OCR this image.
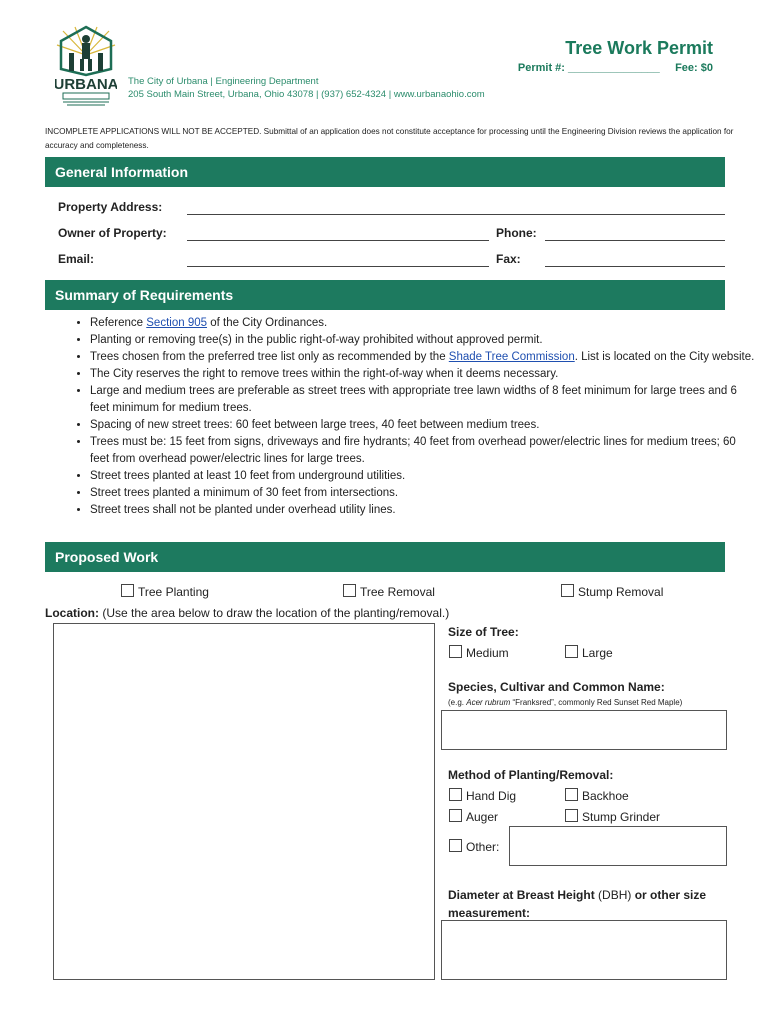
URBANA
Tree Work Permit
Permit #: _______________ Fee: $0
The City of Urbana | Engineering Department
205 South Main Street, Urbana, Ohio 43078 | (937) 652-4324 | www.urbanaohio.com
INCOMPLETE APPLICATIONS WILL NOT BE ACCEPTED. Submittal of an application does not constitute acceptance for processing until the Engineering Division reviews the application for accuracy and completeness.
General Information
Property Address:
Owner of Property:	Phone:
Email:	Fax:
Summary of Requirements
• Reference Section 905 of the City Ordinances.
• Planting or removing tree(s) in the public right-of-way prohibited without approved permit.
• Trees chosen from the preferred tree list only as recommended by the Shade Tree Commission. List is located on the City website.
• The City reserves the right to remove trees within the right-of-way when it deems necessary.
• Large and medium trees are preferable as street trees with appropriate tree lawn widths of 8 feet minimum for large trees and 6 feet minimum for medium trees.
• Spacing of new street trees: 60 feet between large trees, 40 feet between medium trees.
• Trees must be: 15 feet from signs, driveways and fire hydrants; 40 feet from overhead power/electric lines for medium trees; 60 feet from overhead power/electric lines for large trees.
• Street trees planted at least 10 feet from underground utilities.
• Street trees planted a minimum of 30 feet from intersections.
• Street trees shall not be planted under overhead utility lines.
Proposed Work
Tree Planting	Tree Removal	Stump Removal
Location: (Use the area below to draw the location of the planting/removal.)
Size of Tree:
Medium	Large
Species, Cultivar and Common Name:
(e.g. Acer rubrum “Franksred”, commonly Red Sunset Red Maple)
Method of Planting/Removal:
Hand Dig	Backhoe
Auger	Stump Grinder
Other:
Diameter at Breast Height (DBH) or other size measurement:
